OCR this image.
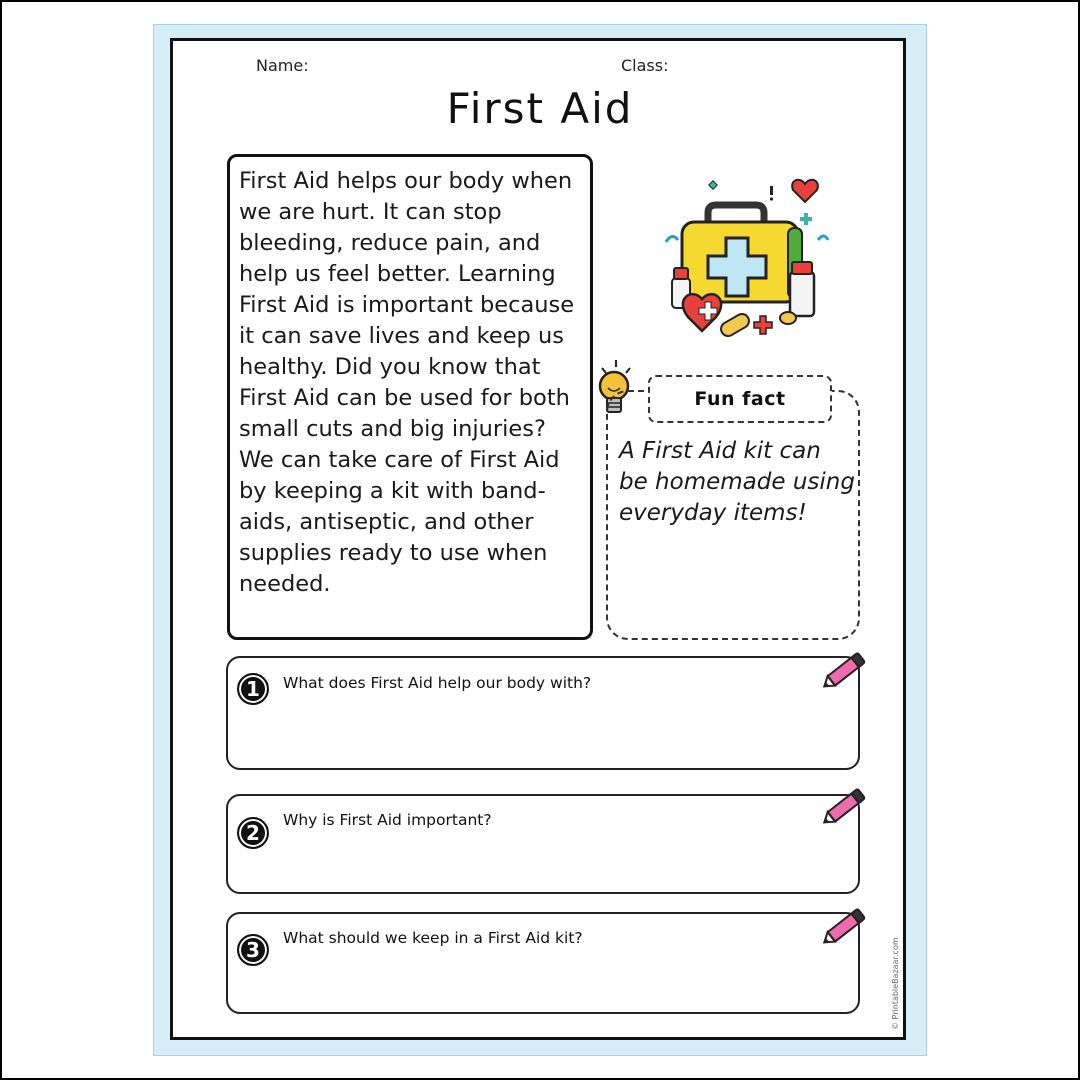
Name:	Class:
First Aid
First Aid helps our body when we are hurt. It can stop bleeding, reduce pain, and help us feel better. Learning First Aid is important because it can save lives and keep us healthy. Did you know that First Aid can be used for both small cuts and big injuries? We can take care of First Aid by keeping a kit with band-aids, antiseptic, and other supplies ready to use when needed.
Fun fact
A First Aid kit can be homemade using everyday items!
1	What does First Aid help our body with?
2
Why is First Aid important?
3	What should we keep in a First Aid kit?	© PrintableBazaar.com
